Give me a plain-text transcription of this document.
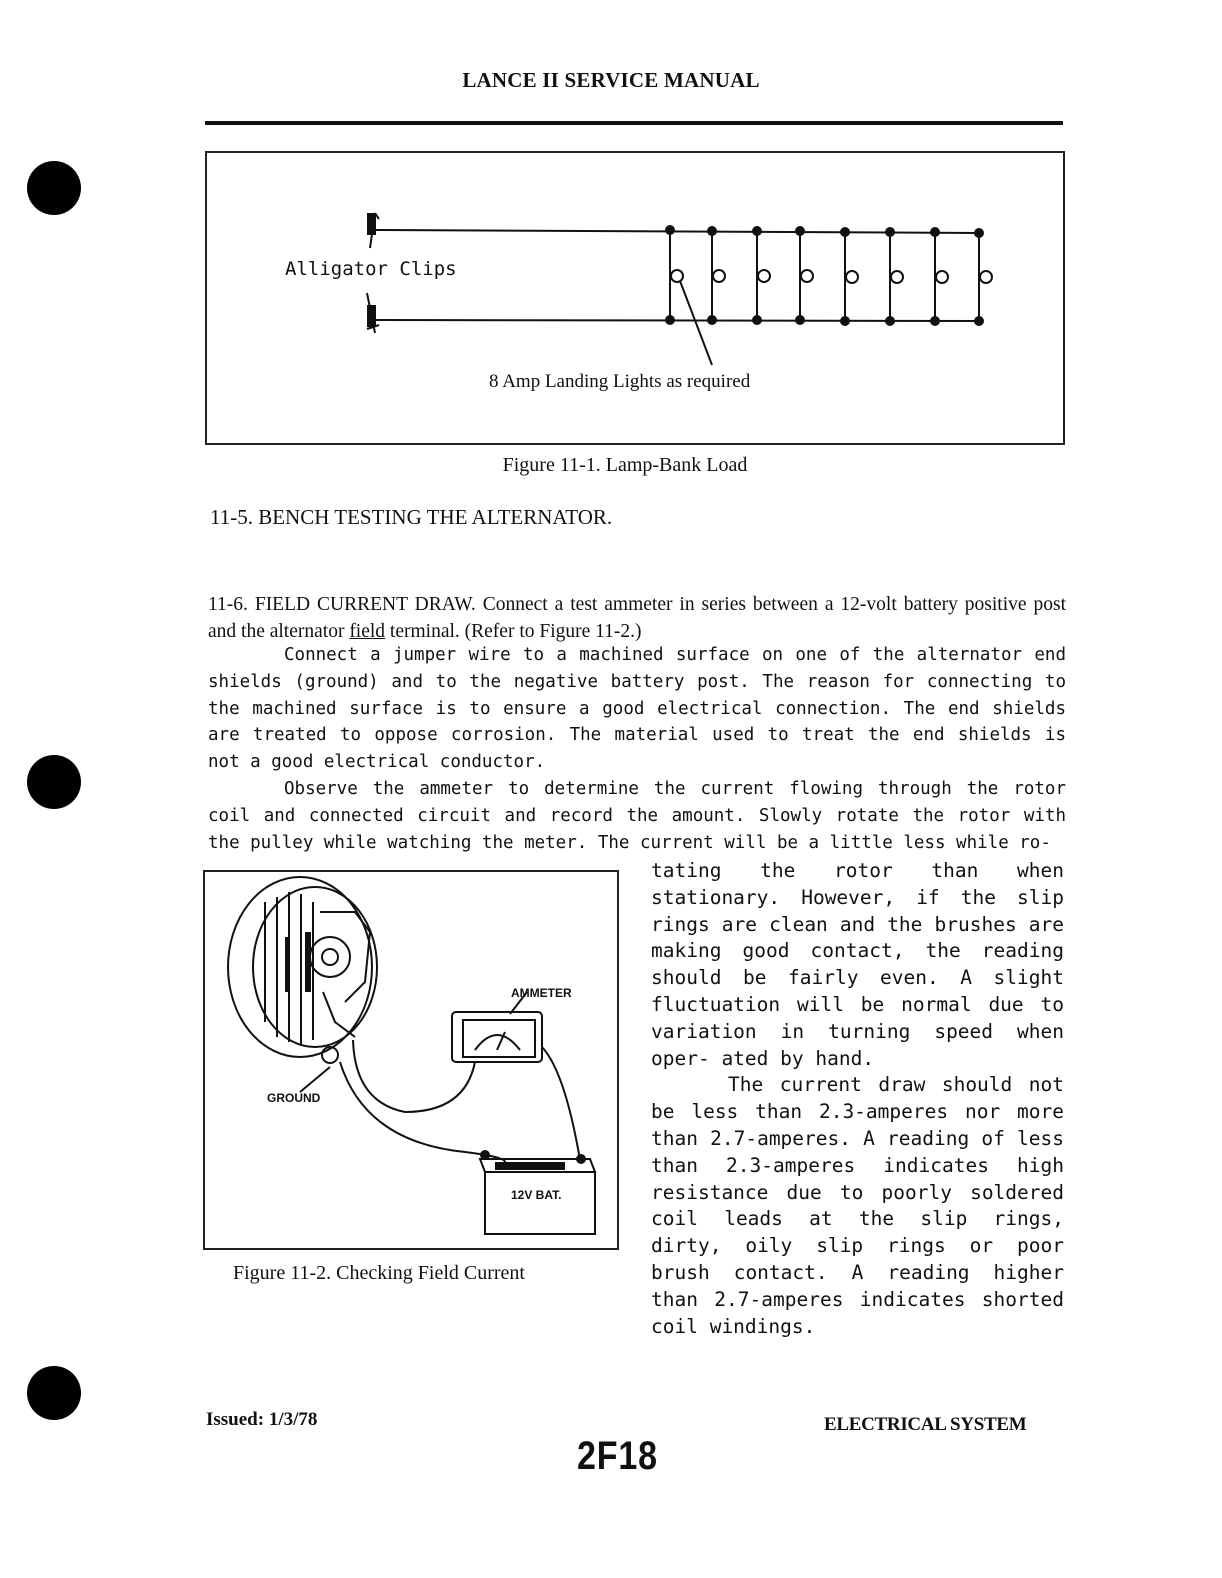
LANCE II SERVICE MANUAL
Alligator Clips
8 Amp Landing Lights as required
Figure 11-1. Lamp-Bank Load
11-5. BENCH TESTING THE ALTERNATOR.
11-6. FIELD CURRENT DRAW. Connect a test ammeter in series between a 12-volt battery positive post and the alternator field terminal. (Refer to Figure 11-2.)
Connect a jumper wire to a machined surface on one of the alternator end shields (ground) and to the negative battery post. The reason for connecting to the machined surface is to ensure a good electrical connection. The end shields are treated to oppose corrosion. The material used to treat the end shields is not a good electrical conductor.
Observe the ammeter to determine the current flowing through the rotor coil and connected circuit and record the amount. Slowly rotate the rotor with the pulley while watching the meter. The current will be a little less while ro-
AMMETER
GROUND
12V BAT.
Figure 11-2. Checking Field Current
tating the rotor than when stationary. However, if the slip rings are clean and the brushes are making good contact, the reading should be fairly even. A slight fluctuation will be normal due to variation in turning speed when oper- ated by hand.
The current draw should not be less than 2.3-amperes nor more than 2.7-amperes. A reading of less than 2.3-amperes indicates high resistance due to poorly soldered coil leads at the slip rings, dirty, oily slip rings or poor brush contact. A reading higher than 2.7-amperes indicates shorted coil windings.
Issued: 1/3/78	ELECTRICAL SYSTEM
2F18
